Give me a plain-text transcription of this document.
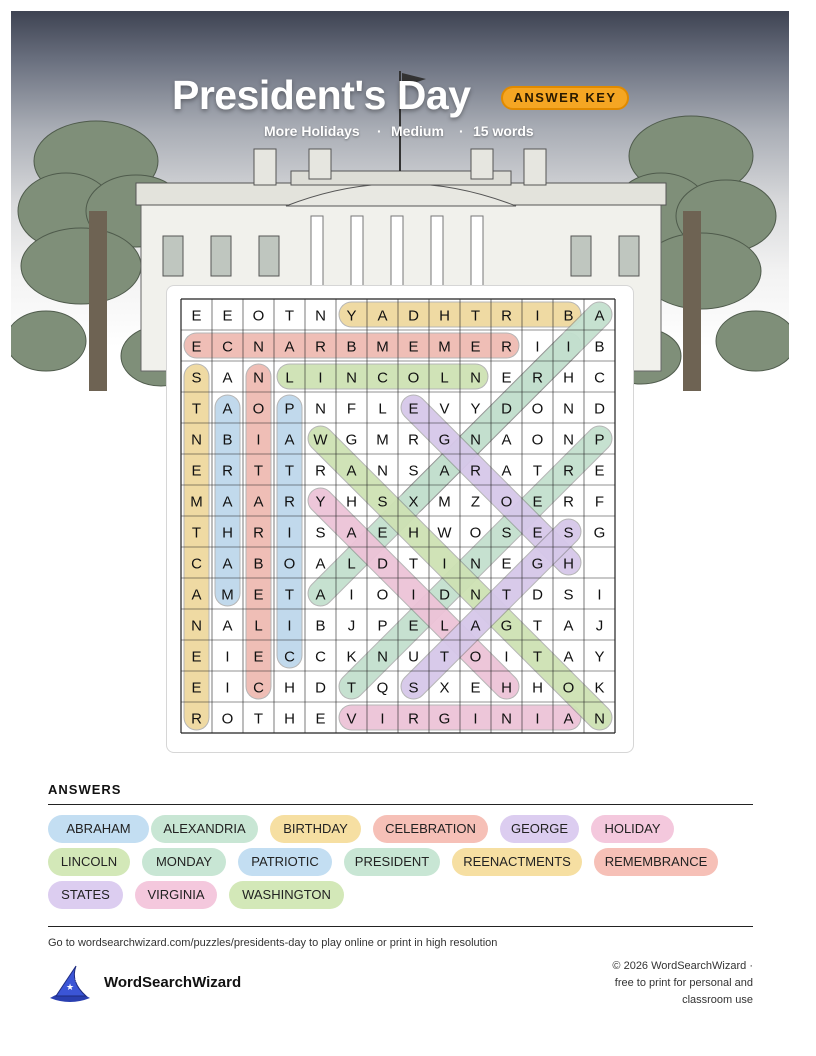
President's Day	ANSWER KEY
More Holidays · Medium · 15 words
E E O T N Y A D H T R I B A
E C N A R B M E M E R I I B
S A N L I N C O L N E R H C
T A O P N F L E V Y D O N D
N B I A W G M R G N A O N P
E R T T R A N S A R A T R E
M A A R Y H S X M Z O E R F
T H R I S A E H W O S E S G
C A B O A L D T I N E G H
A M E T A I O I D N T D S I
N A L I B J P E L A G T A J
E I E C C K N U T O I T A Y
E I C H D T Q S X E H H O K
R O T H E V I R G I N I A N
ANSWERS
ABRAHAM	ALEXANDRIA	BIRTHDAY	CELEBRATION	GEORGE	HOLIDAY
LINCOLN	MONDAY	PATRIOTIC	PRESIDENT	REENACTMENTS	REMEMBRANCE
STATES	VIRGINIA	WASHINGTON
Go to wordsearchwizard.com/puzzles/presidents-day to play online or print in high resolution
★
★ WordSearchWizard
© 2026 WordSearchWizard ·
free to print for personal and
classroom use
